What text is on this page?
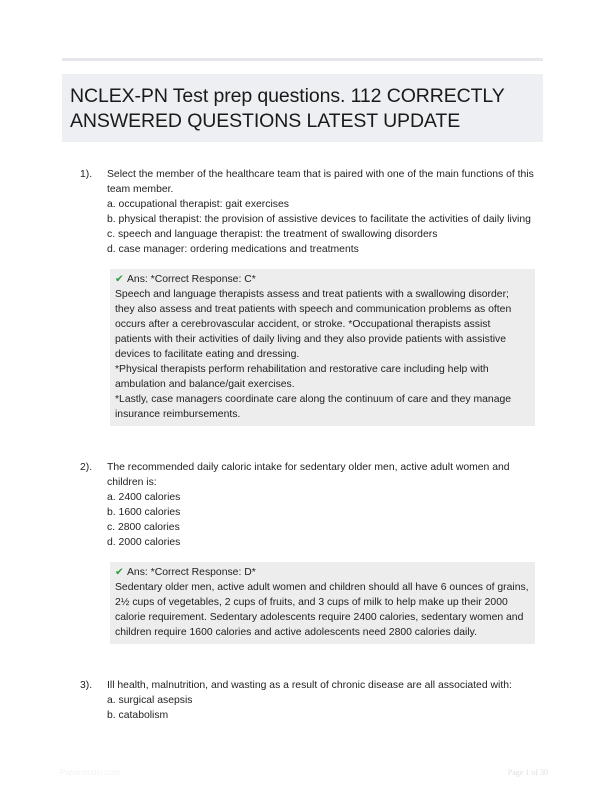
NCLEX-PN Test prep questions. 112 CORRECTLY ANSWERED QUESTIONS LATEST UPDATE
1).	Select the member of the healthcare team that is paired with one of the main functions of this team member.
a. occupational therapist: gait exercises
b. physical therapist: the provision of assistive devices to facilitate the activities of daily living
c. speech and language therapist: the treatment of swallowing disorders
d. case manager: ordering medications and treatments
✔ Ans: *Correct Response: C*
Speech and language therapists assess and treat patients with a swallowing disorder; they also assess and treat patients with speech and communication problems as often occurs after a cerebrovascular accident, or stroke. *Occupational therapists assist patients with their activities of daily living and they also provide patients with assistive devices to facilitate eating and dressing.
*Physical therapists perform rehabilitation and restorative care including help with ambulation and balance/gait exercises.
*Lastly, case managers coordinate care along the continuum of care and they manage insurance reimbursements.
2).	The recommended daily caloric intake for sedentary older men, active adult women and children is:
a. 2400 calories
b. 1600 calories
c. 2800 calories
d. 2000 calories
✔ Ans: *Correct Response: D*
Sedentary older men, active adult women and children should all have 6 ounces of grains, 2½ cups of vegetables, 2 cups of fruits, and 3 cups of milk to help make up their 2000 calorie requirement. Sedentary adolescents require 2400 calories, sedentary women and children require 1600 calories and active adolescents need 2800 calories daily.
3).	Ill health, malnutrition, and wasting as a result of chronic disease are all associated with:
a. surgical asepsis
b. catabolism
Paperstudio.com	Page 1 of 30
